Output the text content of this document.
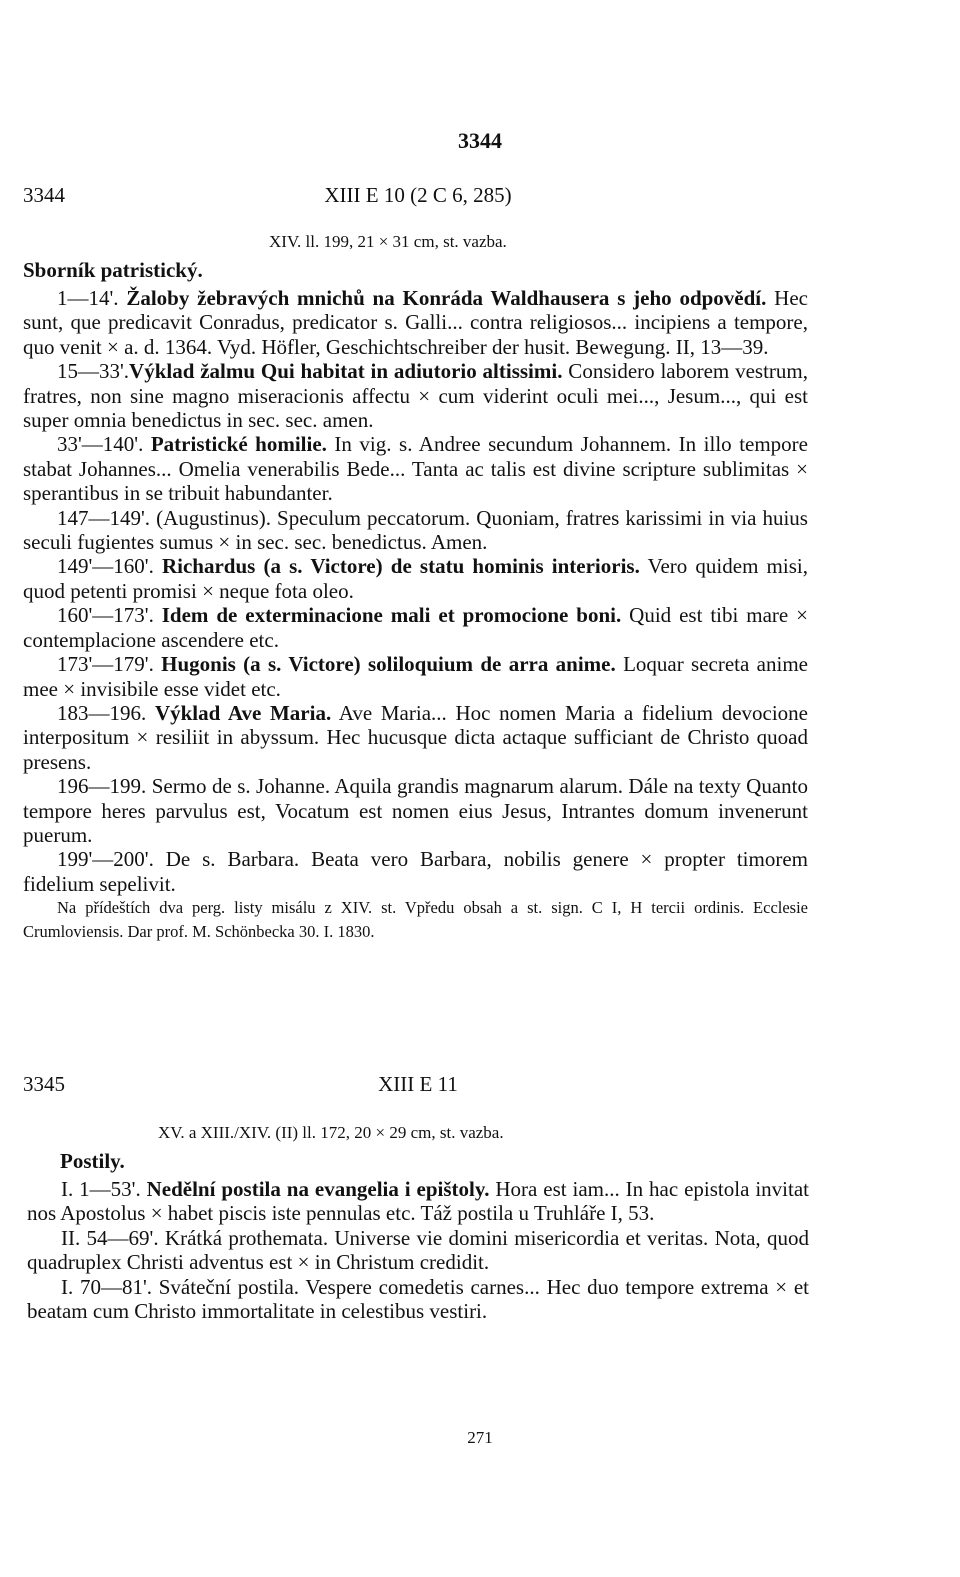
3344
3344	XIII E 10 (2 C 6, 285)
XIV. ll. 199, 21 × 31 cm, st. vazba.
Sborník patristický.

1—14'. Žaloby žebravých mnichů na Konráda Waldhausera s jeho odpovědí. Hec sunt, que predicavit Conradus, predicator s. Galli... contra religiosos... incipiens a tempore, quo venit × a. d. 1364. Vyd. Höfler, Geschichtschreiber der husit. Bewegung. II, 13—39.

15—33'.Výklad žalmu Qui habitat in adiutorio altissimi. Considero laborem vestrum, fratres, non sine magno miseracionis affectu × cum viderint oculi mei..., Jesum..., qui est super omnia benedictus in sec. sec. amen.

33'—140'. Patristické homilie. In vig. s. Andree secundum Johannem. In illo tempore stabat Johannes... Omelia venerabilis Bede... Tanta ac talis est divine scripture sublimitas × sperantibus in se tribuit habundanter.

147—149'. (Augustinus). Speculum peccatorum. Quoniam, fratres karissimi in via huius seculi fugientes sumus × in sec. sec. benedictus. Amen.

149'—160'. Richardus (a s. Victore) de statu hominis interioris. Vero quidem misi, quod petenti promisi × neque fota oleo.

160'—173'. Idem de exterminacione mali et promocione boni. Quid est tibi mare × contemplacione ascendere etc.

173'—179'. Hugonis (a s. Victore) soliloquium de arra anime. Loquar secreta anime mee × invisibile esse videt etc.

183—196. Výklad Ave Maria. Ave Maria... Hoc nomen Maria a fidelium devocione interpositum × resiliit in abyssum. Hec hucusque dicta actaque sufficiant de Christo quoad presens.

196—199. Sermo de s. Johanne. Aquila grandis magnarum alarum. Dále na texty Quanto tempore heres parvulus est, Vocatum est nomen eius Jesus, Intrantes domum invenerunt puerum.

199'—200'. De s. Barbara. Beata vero Barbara, nobilis genere × propter timorem fidelium sepelivit.

Na přídeštích dva perg. listy misálu z XIV. st. Vpředu obsah a st. sign. C I, H tercii ordinis. Ecclesie Crumloviensis. Dar prof. M. Schönbecka 30. I. 1830.

3345	XIII E 11
XV. a XIII./XIV. (II) ll. 172, 20 × 29 cm, st. vazba.
Postily.

I. 1—53'. Nedělní postila na evangelia i epištoly. Hora est iam... In hac epistola invitat nos Apostolus × habet piscis iste pennulas etc. Táž postila u Truhláře I, 53.

II. 54—69'. Krátká prothemata. Universe vie domini misericordia et veritas. Nota, quod quadruplex Christi adventus est × in Christum credidit.

I. 70—81'. Sváteční postila. Vespere comedetis carnes... Hec duo tempore extrema × et beatam cum Christo immortalitate in celestibus vestiri.

271
